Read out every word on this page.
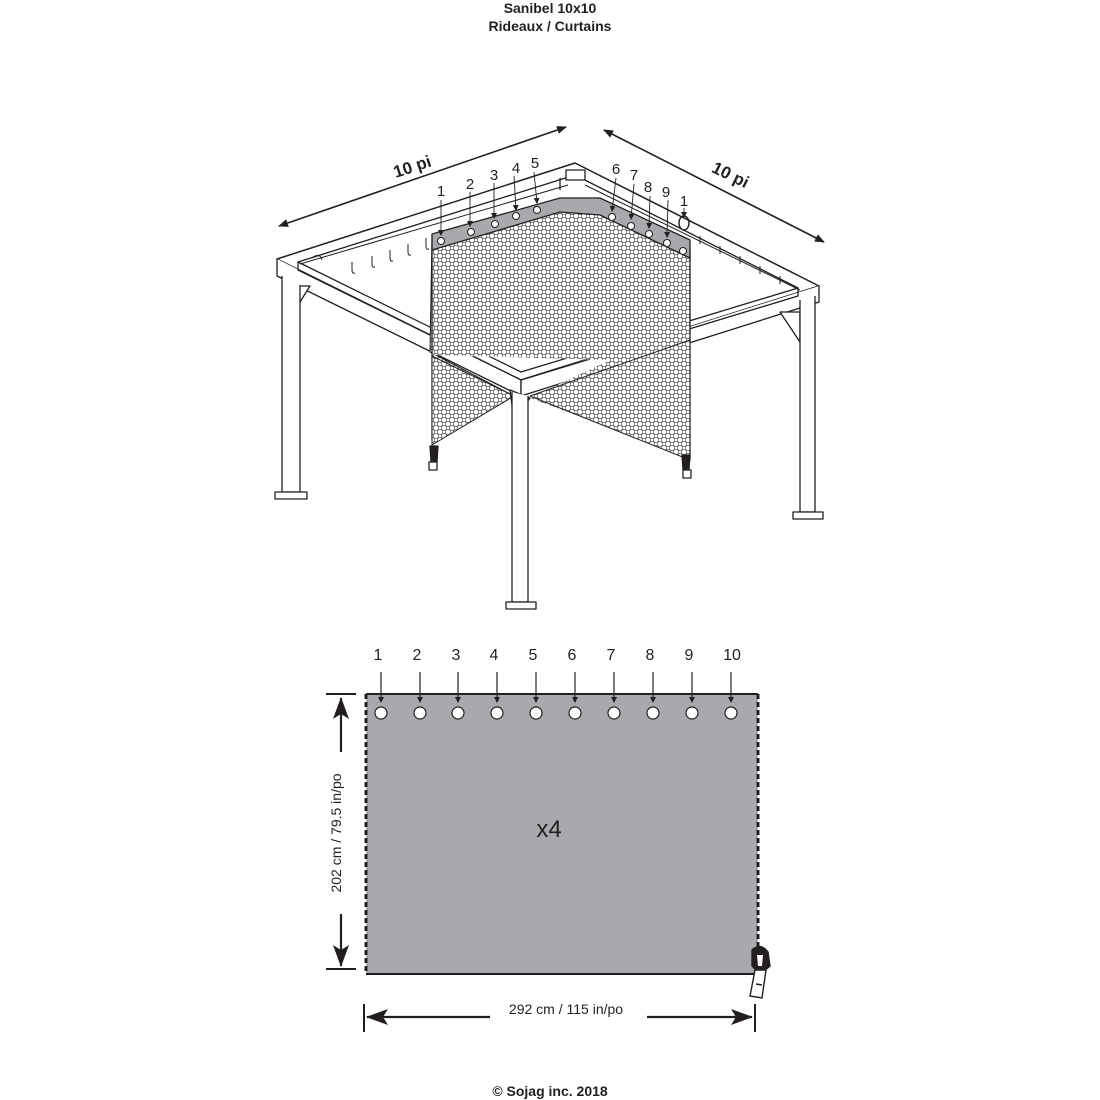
Sanibel 10x10
Rideaux / Curtains
10 pi	10 pi
1 2
3 4 5	6 7
8 9
1
1 2 3 4 5 6 7 8 9 10
x4
202 cm / 79.5 in/po
292 cm / 115 in/po
© Sojag inc. 2018
